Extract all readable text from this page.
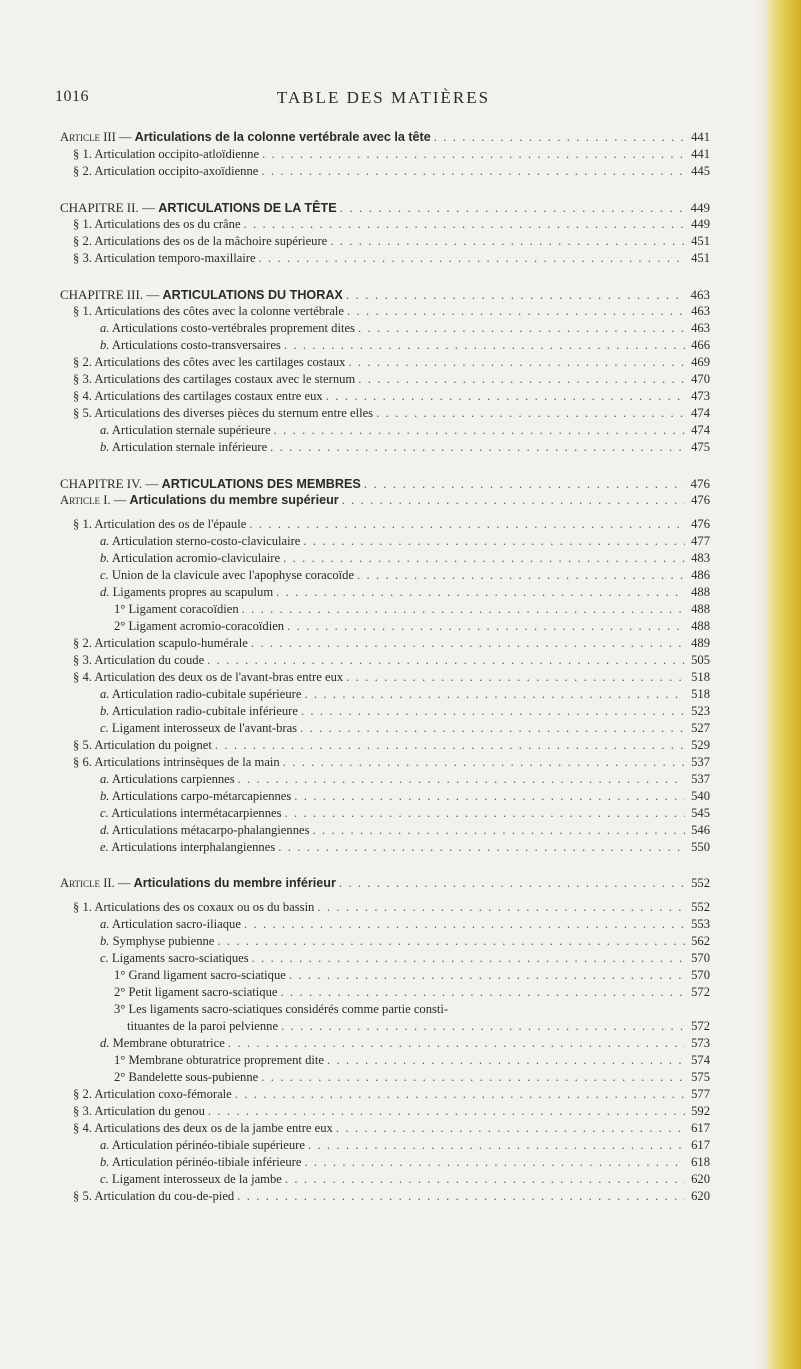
1016	TABLE DES MATIÈRES
Article III — Articulations de la colonne vertébrale avec la tête . . .	441
§ 1. Articulation occipito-atloïdienne . . .	441
§ 2. Articulation occipito-axoïdienne . . .	445
CHAPITRE II. — ARTICULATIONS DE LA TÊTE . . .	449
§ 1. Articulations des os du crâne . . .	449
§ 2. Articulations des os de la mâchoire supérieure . . .	451
§ 3. Articulation temporo-maxillaire . . .	451
CHAPITRE III. — ARTICULATIONS DU THORAX . . .	463
§ 1. Articulations des côtes avec la colonne vertébrale . . .	463
a. Articulations costo-vertébrales proprement dites . . .	463
b. Articulations costo-transversaires . . .	466
§ 2. Articulations des côtes avec les cartilages costaux . . .	469
§ 3. Articulations des cartilages costaux avec le sternum . . .	470
§ 4. Articulations des cartilages costaux entre eux . . .	473
§ 5. Articulations des diverses pièces du sternum entre elles . . .	474
a. Articulation sternale supérieure . . .	474
b. Articulation sternale inférieure . . .	475
CHAPITRE IV. — ARTICULATIONS DES MEMBRES . . .	476
Article I. — Articulations du membre supérieur . . .	476
§ 1. Articulation des os de l'épaule . . .	476
a. Articulation sterno-costo-claviculaire . . .	477
b. Articulation acromio-claviculaire . . .	483
c. Union de la clavicule avec l'apophyse coracoïde . . .	486
d. Ligaments propres au scapulum . . .	488
1° Ligament coracoïdien . . .	488
2° Ligament acromio-coracoïdien . . .	488
§ 2. Articulation scapulo-humérale . . .	489
§ 3. Articulation du coude . . .	505
§ 4. Articulation des deux os de l'avant-bras entre eux . . .	518
a. Articulation radio-cubitale supérieure . . .	518
b. Articulation radio-cubitale inférieure . . .	523
c. Ligament interosseux de l'avant-bras . . .	527
§ 5. Articulation du poignet . . .	529
§ 6. Articulations intrinsèques de la main . . .	537
a. Articulations carpiennes . . .	537
b. Articulations carpo-métarcapiennes . . .	540
c. Articulations intermétacarpiennes . . .	545
d. Articulations métacarpo-phalangiennes . . .	546
e. Articulations interphalangiennes . . .	550
Article II. — Articulations du membre inférieur . . .	552
§ 1. Articulations des os coxaux ou os du bassin . . .	552
a. Articulation sacro-iliaque . . .	553
b. Symphyse pubienne . . .	562
c. Ligaments sacro-sciatiques . . .	570
1° Grand ligament sacro-sciatique . . .	570
2° Petit ligament sacro-sciatique . . .	572
3° Les ligaments sacro-sciatiques considérés comme partie consti-
tituantes de la paroi pelvienne . . .	572
d. Membrane obturatrice . . .	573
1° Membrane obturatrice proprement dite . . .	574
2° Bandelette sous-pubienne . . .	575
§ 2. Articulation coxo-fémorale . . .	577
§ 3. Articulation du genou . . .	592
§ 4. Articulations des deux os de la jambe entre eux . . .	617
a. Articulation périnéo-tibiale supérieure . . .	617
b. Articulation périnéo-tibiale inférieure . . .	618
c. Ligament interosseux de la jambe . . .	620
§ 5. Articulation du cou-de-pied . . .	620
